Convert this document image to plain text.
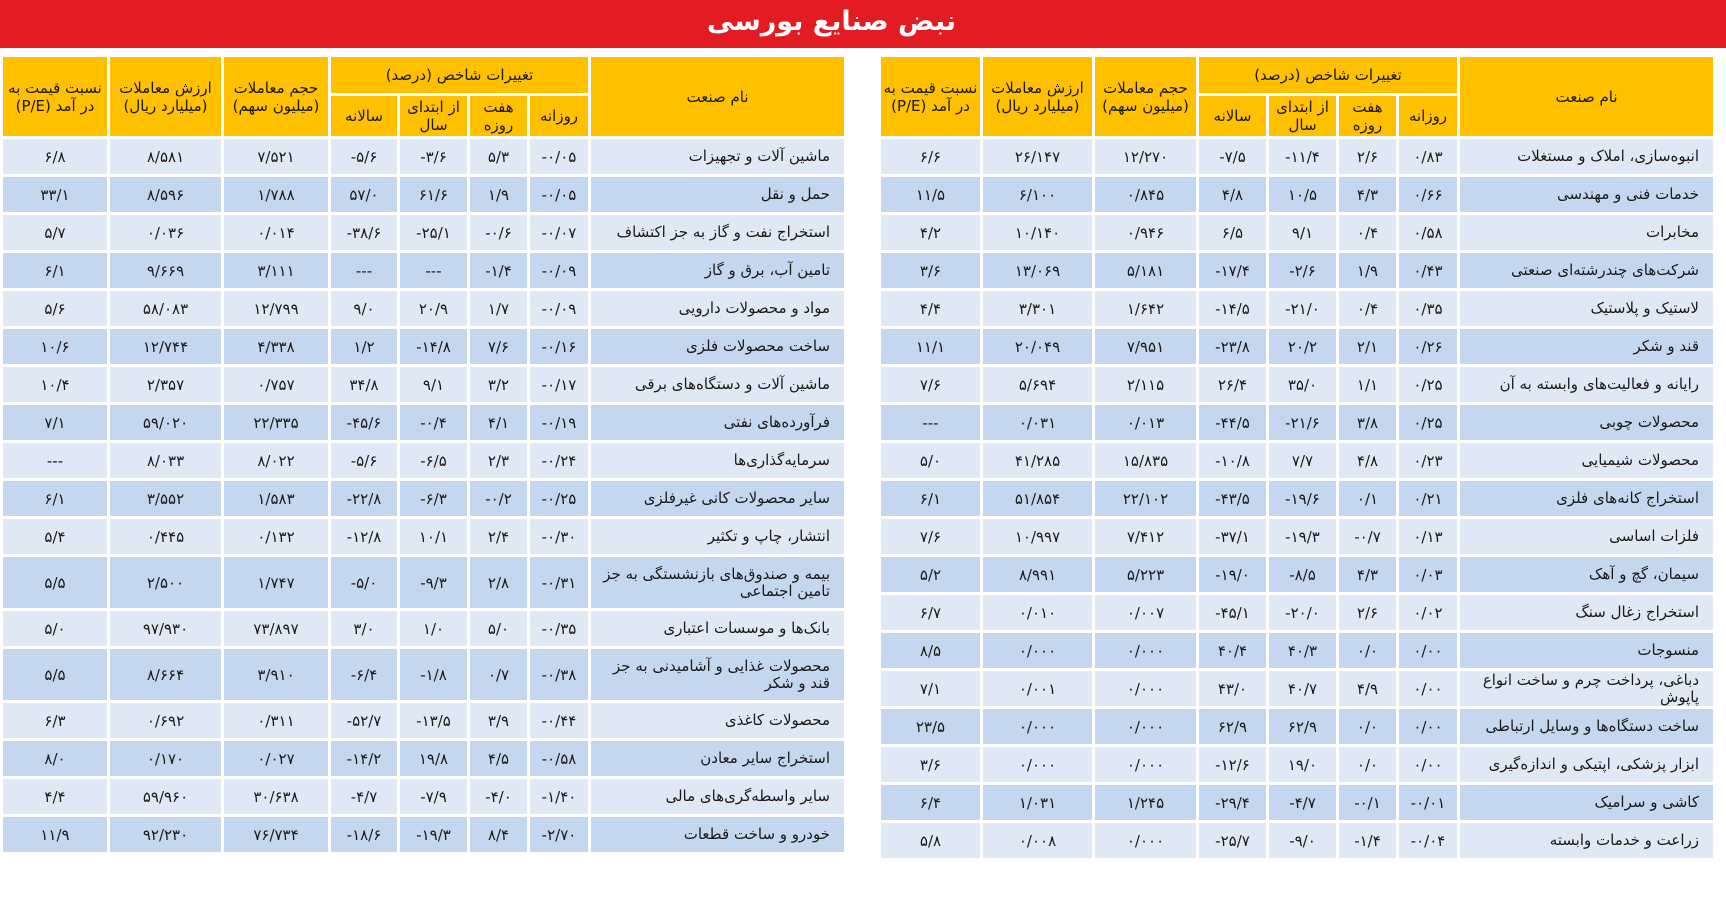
نبض صنایع بورسی
نام صنعت	تغییرات شاخص (درصد)				حجم معاملات (میلیون سهم)	ارزش معاملات (میلیارد ریال)	نسبت قیمت به در آمد (P/E)
	روزانه	هفت روزه	از ابتدای سال	سالانه			
انبوه‌سازی، املاک و مستغلات	۰/۸۳	۲/۶	-۱۱/۴	-۷/۵	۱۲/۲۷۰	۲۶/۱۴۷	۶/۶
خدمات فنی و مهندسی	۰/۶۶	۴/۳	۱۰/۵	۴/۸	۰/۸۴۵	۶/۱۰۰	۱۱/۵
مخابرات	۰/۵۸	۰/۴	۹/۱	۶/۵	۰/۹۴۶	۱۰/۱۴۰	۴/۲
شرکت‌های چندرشته‌ای صنعتی	۰/۴۳	۱/۹	-۲/۶	-۱۷/۴	۵/۱۸۱	۱۳/۰۶۹	۳/۶
لاستیک و پلاستیک	۰/۳۵	۰/۴	-۲۱/۰	-۱۴/۵	۱/۶۴۲	۳/۳۰۱	۴/۴
قند و شکر	۰/۲۶	۲/۱	۲۰/۲	-۲۳/۸	۷/۹۵۱	۲۰/۰۴۹	۱۱/۱
رایانه و فعالیت‌های وابسته به آن	۰/۲۵	۱/۱	۳۵/۰	۲۶/۴	۲/۱۱۵	۵/۶۹۴	۷/۶
محصولات چوبی	۰/۲۵	۳/۸	-۲۱/۶	-۴۴/۵	۰/۰۱۳	۰/۰۳۱	---
محصولات شیمیایی	۰/۲۳	۴/۸	۷/۷	-۱۰/۸	۱۵/۸۳۵	۴۱/۲۸۵	۵/۰
استخراج کانه‌های فلزی	۰/۲۱	۰/۱	-۱۹/۶	-۴۳/۵	۲۲/۱۰۲	۵۱/۸۵۴	۶/۱
فلزات اساسی	۰/۱۳	-۰/۷	-۱۹/۳	-۳۷/۱	۷/۴۱۲	۱۰/۹۹۷	۷/۶
سیمان، گچ و آهک	۰/۰۳	۴/۳	-۸/۵	-۱۹/۰	۵/۲۲۳	۸/۹۹۱	۵/۲
استخراج زغال سنگ	۰/۰۲	۲/۶	-۲۰/۰	-۴۵/۱	۰/۰۰۷	۰/۰۱۰	۶/۷
منسوجات	۰/۰۰	۰/۰	۴۰/۳	۴۰/۴	۰/۰۰۰	۰/۰۰۰	۸/۵
دباغی، پرداخت چرم و ساخت انواع پاپوش	۰/۰۰	۴/۹	۴۰/۷	۴۳/۰	۰/۰۰۰	۰/۰۰۱	۷/۱
ساخت دستگاه‌ها و وسایل ارتباطی	۰/۰۰	۰/۰	۶۲/۹	۶۲/۹	۰/۰۰۰	۰/۰۰۰	۲۳/۵
ابزار پزشکی، اپتیکی و اندازه‌گیری	۰/۰۰	۰/۰	۱۹/۰	-۱۲/۶	۰/۰۰۰	۰/۰۰۰	۳/۶
کاشی و سرامیک	-۰/۰۱	-۰/۱	-۴/۷	-۲۹/۴	۱/۲۴۵	۱/۰۳۱	۶/۴
زراعت و خدمات وابسته	-۰/۰۴	-۱/۴	-۹/۰	-۲۵/۷	۰/۰۰۰	۰/۰۰۸	۵/۸
نام صنعت	تغییرات شاخص (درصد)				حجم معاملات (میلیون سهم)	ارزش معاملات (میلیارد ریال)	نسبت قیمت به در آمد (P/E)
	روزانه	هفت روزه	از ابتدای سال	سالانه			
ماشین آلات و تجهیزات	-۰/۰۵	۵/۳	-۳/۶	-۵/۶	۷/۵۲۱	۸/۵۸۱	۶/۸
حمل و نقل	-۰/۰۵	۱/۹	۶۱/۶	۵۷/۰	۱/۷۸۸	۸/۵۹۶	۳۳/۱
استخراج نفت و گاز به جز اکتشاف	-۰/۰۷	-۰/۶	-۲۵/۱	-۳۸/۶	۰/۰۱۴	۰/۰۳۶	۵/۷
تامین آب، برق و گاز	-۰/۰۹	-۱/۴	---	---	۳/۱۱۱	۹/۶۶۹	۶/۱
مواد و محصولات دارویی	-۰/۰۹	۱/۷	۲۰/۹	۹/۰	۱۲/۷۹۹	۵۸/۰۸۳	۵/۶
ساخت محصولات فلزی	-۰/۱۶	۷/۶	-۱۴/۸	۱/۲	۴/۳۳۸	۱۲/۷۴۴	۱۰/۶
ماشین آلات و دستگاه‌های برقی	-۰/۱۷	۳/۲	۹/۱	۳۴/۸	۰/۷۵۷	۲/۳۵۷	۱۰/۴
فرآورده‌های نفتی	-۰/۱۹	۴/۱	-۰/۴	-۴۵/۶	۲۲/۳۳۵	۵۹/۰۲۰	۷/۱
سرمایه‌گذاری‌ها	-۰/۲۴	۲/۳	-۶/۵	-۵/۶	۸/۰۲۲	۸/۰۳۳	---
سایر محصولات کانی غیرفلزی	-۰/۲۵	-۰/۲	-۶/۳	-۲۲/۸	۱/۵۸۳	۳/۵۵۲	۶/۱
انتشار، چاپ و تکثیر	-۰/۳۰	۲/۴	۱۰/۱	-۱۲/۸	۰/۱۳۲	۰/۴۴۵	۵/۴
بیمه و صندوق‌های بازنشستگی به جز تامین اجتماعی	-۰/۳۱	۲/۸	-۹/۳	-۵/۰	۱/۷۴۷	۲/۵۰۰	۵/۵
بانک‌ها و موسسات اعتباری	-۰/۳۵	۵/۰	۱/۰	۳/۰	۷۳/۸۹۷	۹۷/۹۳۰	۵/۰
محصولات غذایی و آشامیدنی به جز قند و شکر	-۰/۳۸	۰/۷	-۱/۸	-۶/۴	۳/۹۱۰	۸/۶۶۴	۵/۵
محصولات کاغذی	-۰/۴۴	۳/۹	-۱۳/۵	-۵۲/۷	۰/۳۱۱	۰/۶۹۲	۶/۳
استخراج سایر معادن	-۰/۵۸	۴/۵	۱۹/۸	-۱۴/۲	۰/۰۲۷	۰/۱۷۰	۸/۰
سایر واسطه‌گری‌های مالی	-۱/۴۰	-۴/۰	-۷/۹	-۴/۷	۳۰/۶۳۸	۵۹/۹۶۰	۴/۴
خودرو و ساخت قطعات	-۲/۷۰	۸/۴	-۱۹/۳	-۱۸/۶	۷۶/۷۳۴	۹۲/۲۳۰	۱۱/۹
